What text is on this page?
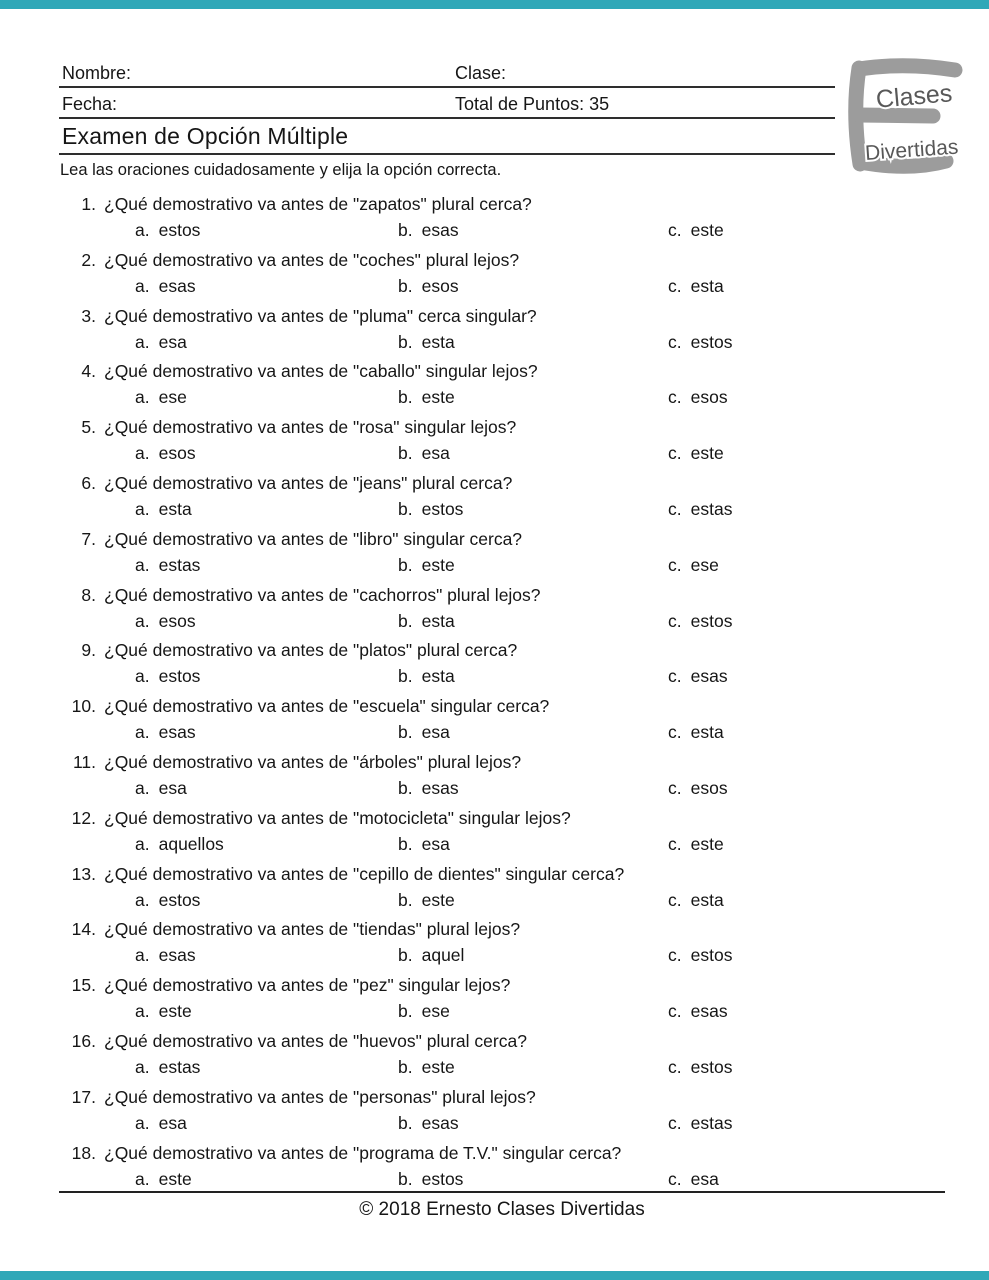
Nombre:	Clase:
Fecha:	Total de Puntos: 35
Examen de Opción Múltiple
Lea las oraciones cuidadosamente y elija la opción correcta.
Clases
Divertidas
1. ¿Qué demostrativo va antes de "zapatos" plural cerca?
a. estos	b. esas	c. este
2. ¿Qué demostrativo va antes de "coches" plural lejos?
a. esas	b. esos	c. esta
3. ¿Qué demostrativo va antes de "pluma" cerca singular?
a. esa	b. esta	c. estos
4. ¿Qué demostrativo va antes de "caballo" singular lejos?
a. ese	b. este	c. esos
5. ¿Qué demostrativo va antes de "rosa" singular lejos?
a. esos	b. esa	c. este
6. ¿Qué demostrativo va antes de "jeans" plural cerca?
a. esta	b. estos	c. estas
7. ¿Qué demostrativo va antes de "libro" singular cerca?
a. estas	b. este	c. ese
8. ¿Qué demostrativo va antes de "cachorros" plural lejos?
a. esos	b. esta	c. estos
9. ¿Qué demostrativo va antes de "platos" plural cerca?
a. estos	b. esta	c. esas
10. ¿Qué demostrativo va antes de "escuela" singular cerca?
a. esas	b. esa	c. esta
11. ¿Qué demostrativo va antes de "árboles" plural lejos?
a. esa	b. esas	c. esos
12. ¿Qué demostrativo va antes de "motocicleta" singular lejos?
a. aquellos	b. esa	c. este
13. ¿Qué demostrativo va antes de "cepillo de dientes" singular cerca?
a. estos	b. este	c. esta
14. ¿Qué demostrativo va antes de "tiendas" plural lejos?
a. esas	b. aquel	c. estos
15. ¿Qué demostrativo va antes de "pez" singular lejos?
a. este	b. ese	c. esas
16. ¿Qué demostrativo va antes de "huevos" plural cerca?
a. estas	b. este	c. estos
17. ¿Qué demostrativo va antes de "personas" plural lejos?
a. esa	b. esas	c. estas
18. ¿Qué demostrativo va antes de "programa de T.V." singular cerca?
a. este	b. estos	c. esa
© 2018 Ernesto Clases Divertidas
